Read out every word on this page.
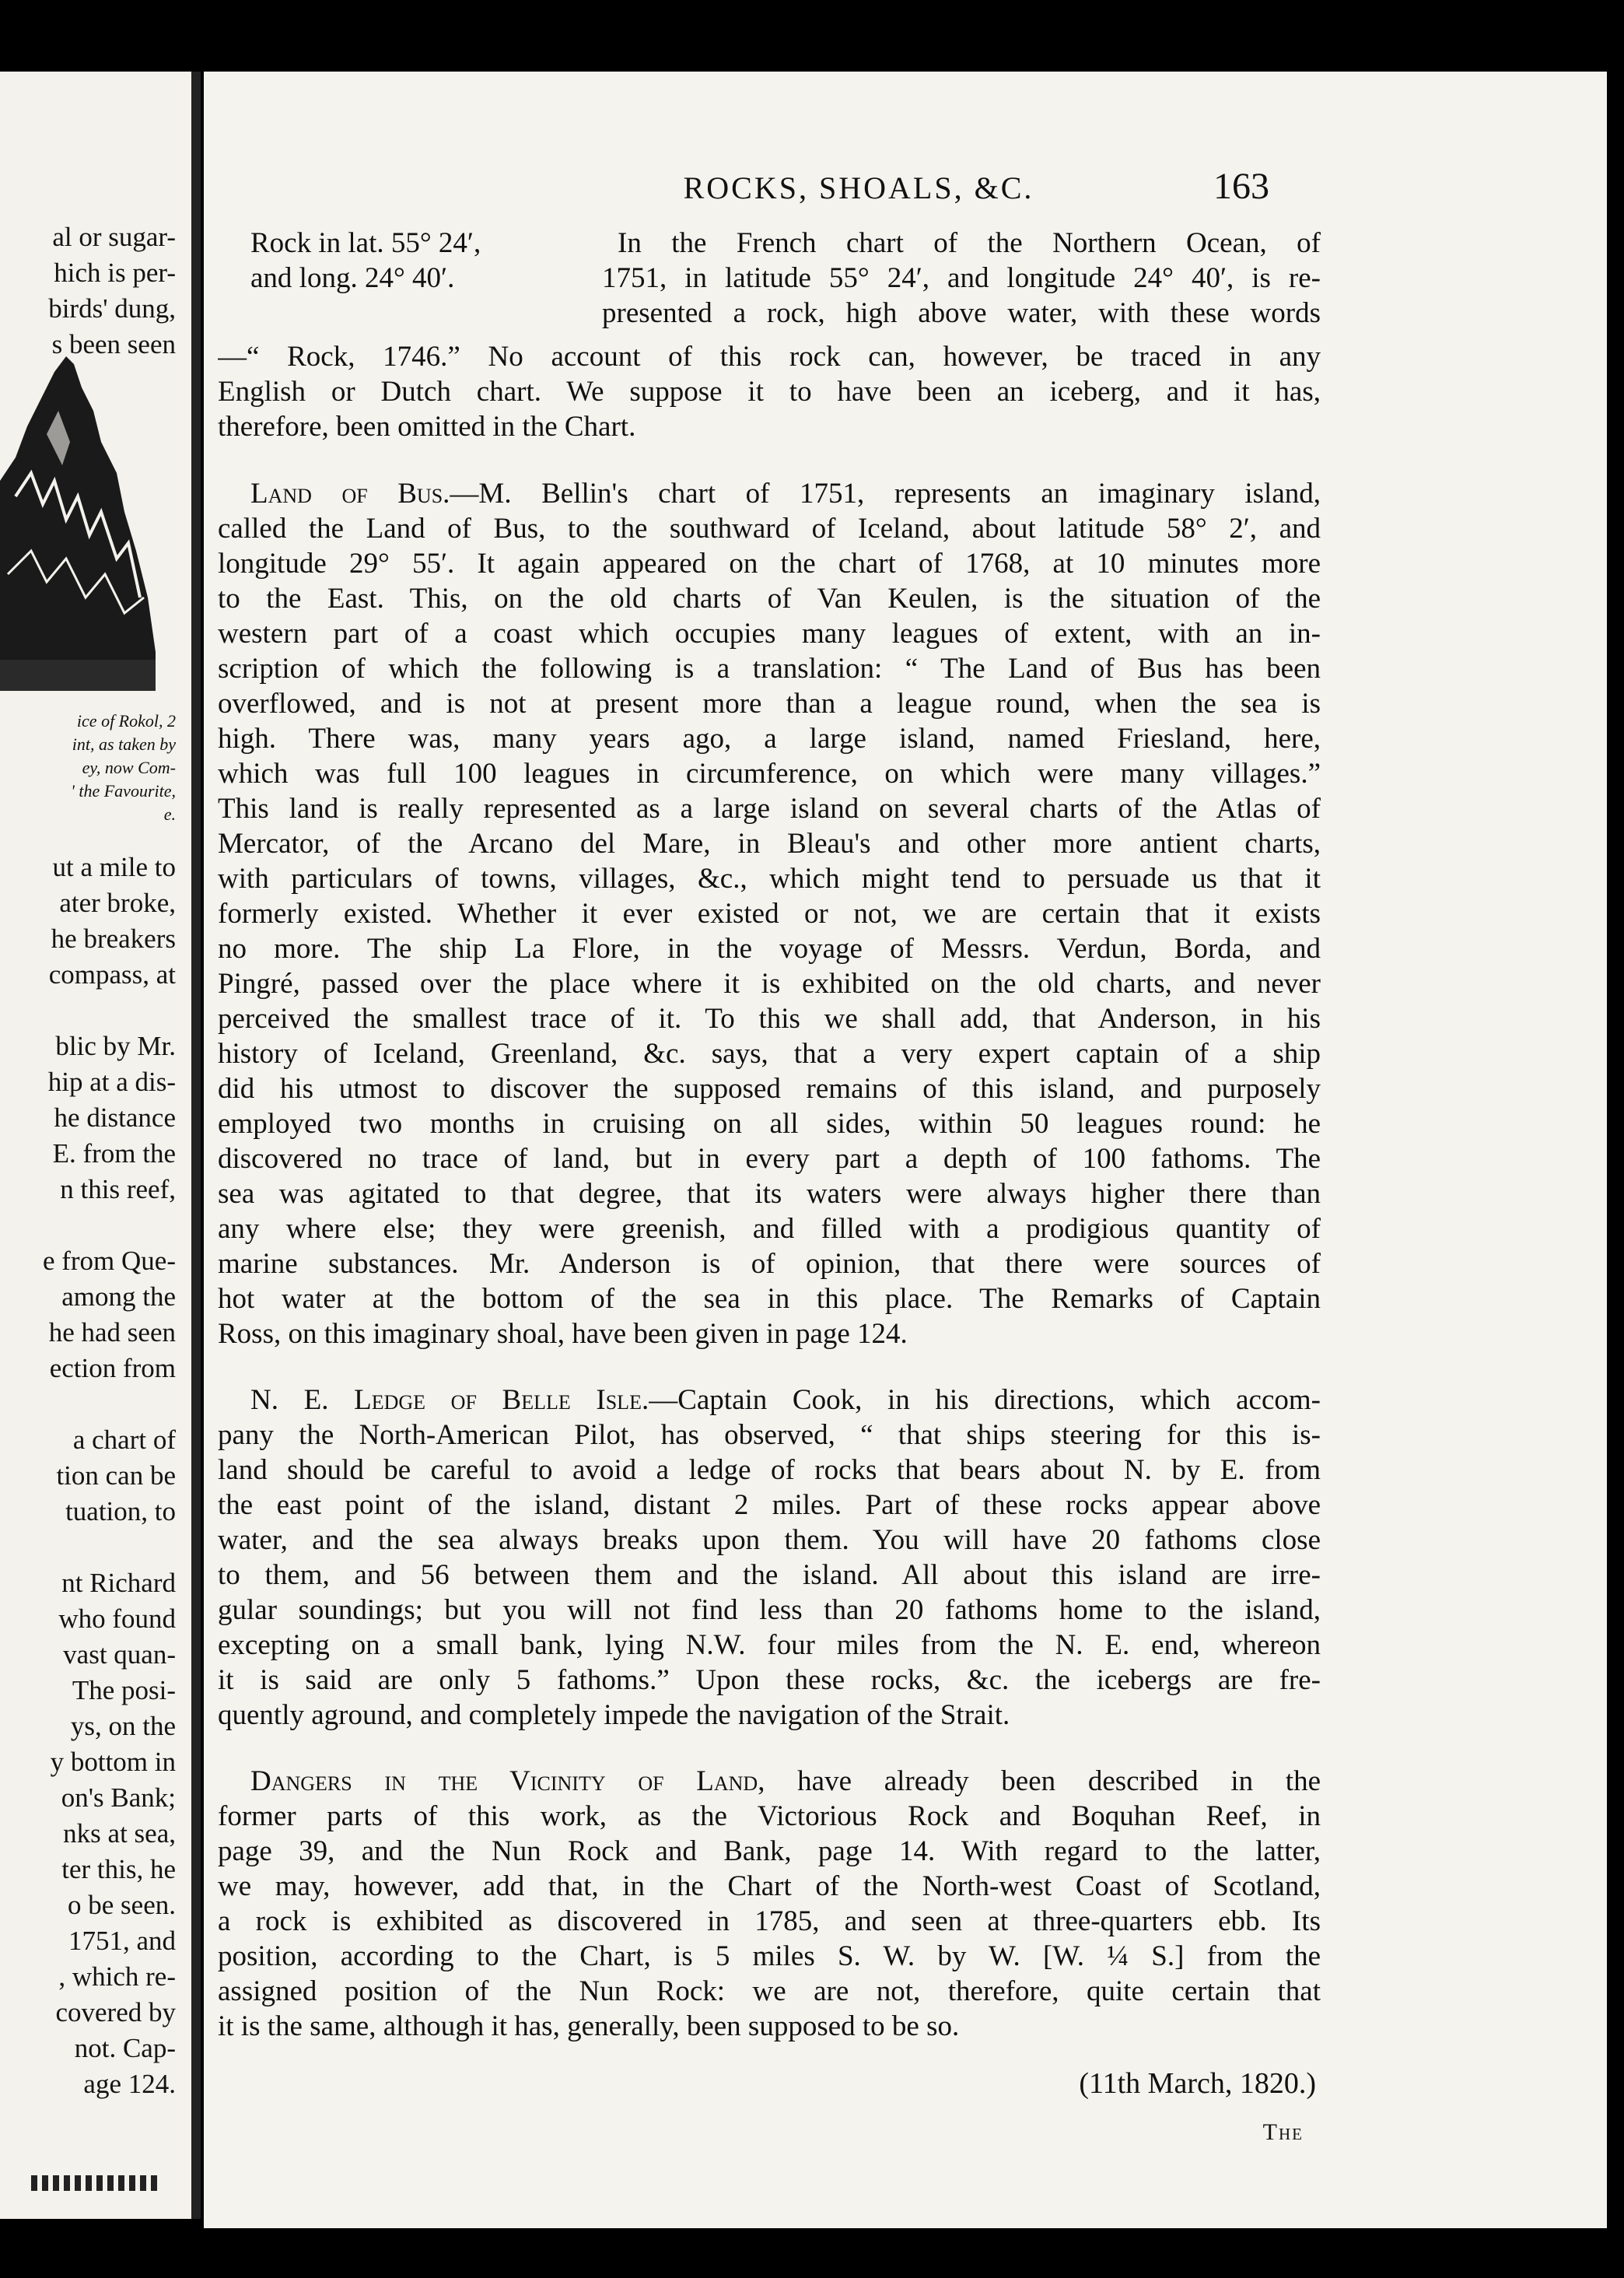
al or sugar-
hich is per-
birds' dung,
s been seen
ice of Rokol, 2
int, as taken by
ey, now Com-
' the Favourite,
e.
ut a mile to
ater broke,
he breakers
compass, at
blic by Mr.
hip at a dis-
he distance
E. from the
n this reef,
e from Que-
among the
he had seen
ection from
a chart of
tion can be
tuation, to
nt Richard
who found
vast quan-
The posi-
ys, on the
y bottom in
on's Bank;
nks at sea,
ter this, he
o be seen.
1751, and
, which re-
covered by
not. Cap-
age 124.
ROCKS, SHOALS, &C.	163
Rock in lat. 55° 24′,
and long. 24° 40′.
In the French chart of the Northern Ocean, of
1751, in latitude 55° 24′, and longitude 24° 40′, is re-
presented a rock, high above water, with these words
—“ Rock, 1746.” No account of this rock can, however, be traced in any
English or Dutch chart. We suppose it to have been an iceberg, and it has,
therefore, been omitted in the Chart.
Land of Bus.—M. Bellin's chart of 1751, represents an imaginary island,
called the Land of Bus, to the southward of Iceland, about latitude 58° 2′, and
longitude 29° 55′. It again appeared on the chart of 1768, at 10 minutes more
to the East. This, on the old charts of Van Keulen, is the situation of the
western part of a coast which occupies many leagues of extent, with an in-
scription of which the following is a translation: “ The Land of Bus has been
overflowed, and is not at present more than a league round, when the sea is
high. There was, many years ago, a large island, named Friesland, here,
which was full 100 leagues in circumference, on which were many villages.”
This land is really represented as a large island on several charts of the Atlas of
Mercator, of the Arcano del Mare, in Bleau's and other more antient charts,
with particulars of towns, villages, &c., which might tend to persuade us that it
formerly existed. Whether it ever existed or not, we are certain that it exists
no more. The ship La Flore, in the voyage of Messrs. Verdun, Borda, and
Pingré, passed over the place where it is exhibited on the old charts, and never
perceived the smallest trace of it. To this we shall add, that Anderson, in his
history of Iceland, Greenland, &c. says, that a very expert captain of a ship
did his utmost to discover the supposed remains of this island, and purposely
employed two months in cruising on all sides, within 50 leagues round: he
discovered no trace of land, but in every part a depth of 100 fathoms. The
sea was agitated to that degree, that its waters were always higher there than
any where else; they were greenish, and filled with a prodigious quantity of
marine substances. Mr. Anderson is of opinion, that there were sources of
hot water at the bottom of the sea in this place. The Remarks of Captain
Ross, on this imaginary shoal, have been given in page 124.
N. E. Ledge of Belle Isle.—Captain Cook, in his directions, which accom-
pany the North-American Pilot, has observed, “ that ships steering for this is-
land should be careful to avoid a ledge of rocks that bears about N. by E. from
the east point of the island, distant 2 miles. Part of these rocks appear above
water, and the sea always breaks upon them. You will have 20 fathoms close
to them, and 56 between them and the island. All about this island are irre-
gular soundings; but you will not find less than 20 fathoms home to the island,
excepting on a small bank, lying N.W. four miles from the N. E. end, whereon
it is said are only 5 fathoms.” Upon these rocks, &c. the icebergs are fre-
quently aground, and completely impede the navigation of the Strait.
Dangers in the Vicinity of Land, have already been described in the
former parts of this work, as the Victorious Rock and Boquhan Reef, in
page 39, and the Nun Rock and Bank, page 14. With regard to the latter,
we may, however, add that, in the Chart of the North-west Coast of Scotland,
a rock is exhibited as discovered in 1785, and seen at three-quarters ebb. Its
position, according to the Chart, is 5 miles S. W. by W. [W. ¼ S.] from the
assigned position of the Nun Rock: we are not, therefore, quite certain that
it is the same, although it has, generally, been supposed to be so.
(11th March, 1820.)
The
